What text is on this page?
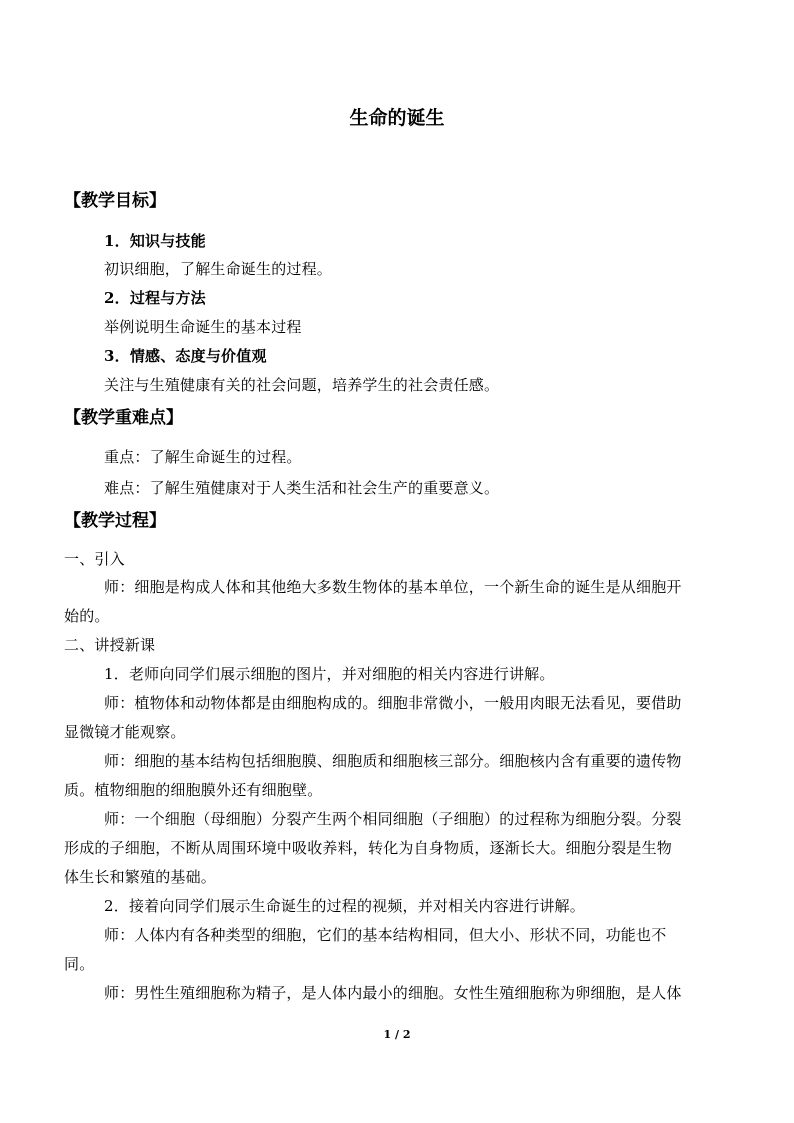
生命的诞生
【教学目标】
1．知识与技能
初识细胞，了解生命诞生的过程。
2．过程与方法
举例说明生命诞生的基本过程
3．情感、态度与价值观
关注与生殖健康有关的社会问题，培养学生的社会责任感。
【教学重难点】
重点：了解生命诞生的过程。
难点：了解生殖健康对于人类生活和社会生产的重要意义。
【教学过程】
一、引入
师：细胞是构成人体和其他绝大多数生物体的基本单位，一个新生命的诞生是从细胞开
始的。
二、讲授新课
1．老师向同学们展示细胞的图片，并对细胞的相关内容进行讲解。
师：植物体和动物体都是由细胞构成的。细胞非常微小，一般用肉眼无法看见，要借助
显微镜才能观察。
师：细胞的基本结构包括细胞膜、细胞质和细胞核三部分。细胞核内含有重要的遗传物
质。植物细胞的细胞膜外还有细胞壁。
师：一个细胞（母细胞）分裂产生两个相同细胞（子细胞）的过程称为细胞分裂。分裂
形成的子细胞，不断从周围环境中吸收养料，转化为自身物质，逐渐长大。细胞分裂是生物
体生长和繁殖的基础。
2．接着向同学们展示生命诞生的过程的视频，并对相关内容进行讲解。
师：人体内有各种类型的细胞，它们的基本结构相同，但大小、形状不同，功能也不
同。
师：男性生殖细胞称为精子，是人体内最小的细胞。女性生殖细胞称为卵细胞，是人体
1 / 2
